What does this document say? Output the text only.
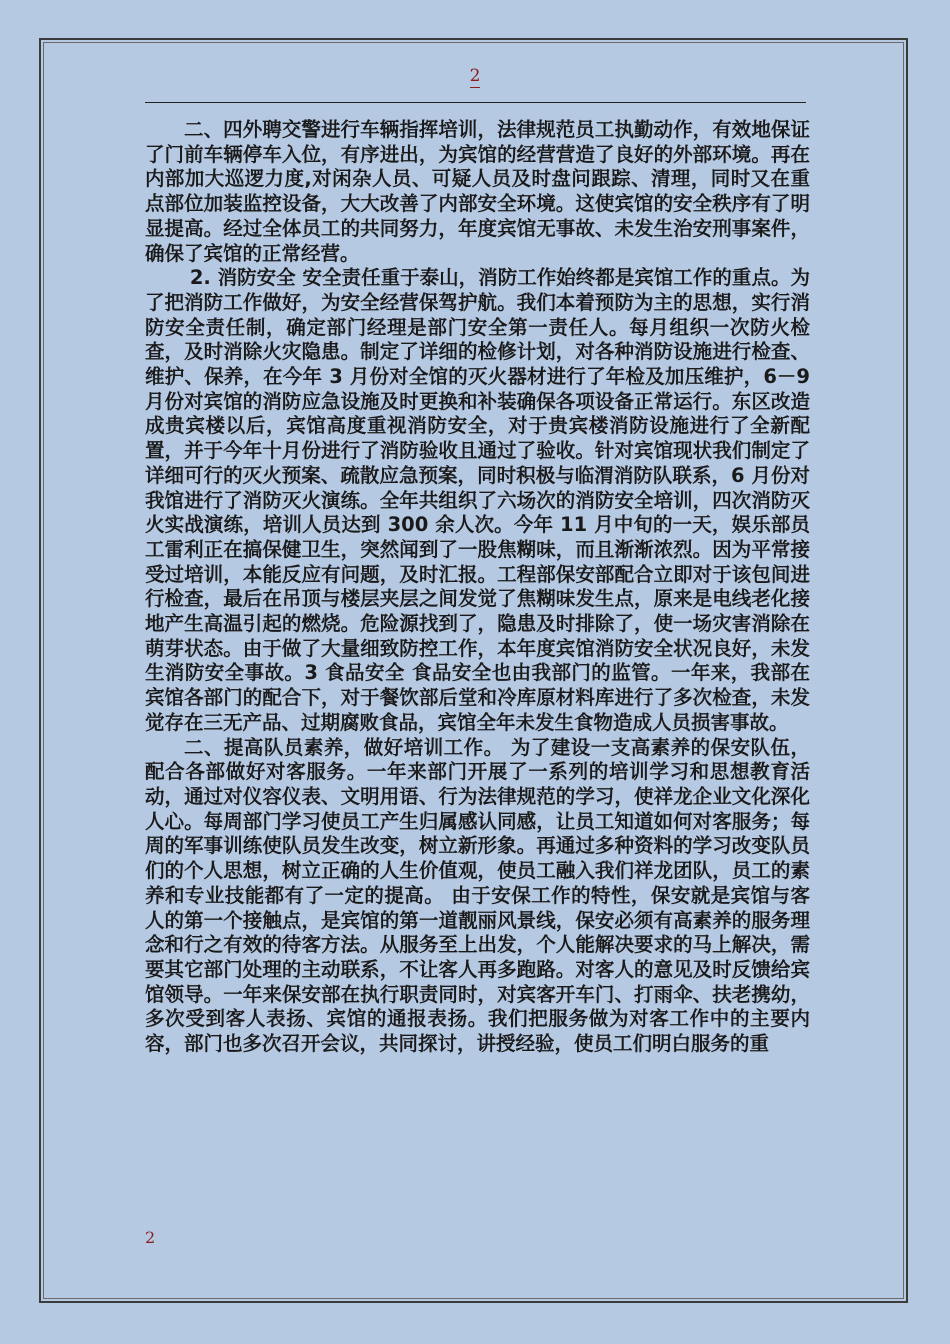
2

二、四外聘交警进行车辆指挥培训，法律规范员工执勤动作，有效地保证了门前车辆停车入位，有序进出，为宾馆的经营营造了良好的外部环境。再在内部加大巡逻力度,对闲杂人员、可疑人员及时盘问跟踪、清理，同时又在重点部位加装监控设备，大大改善了内部安全环境。这使宾馆的安全秩序有了明显提高。经过全体员工的共同努力，年度宾馆无事故、未发生治安刑事案件，确保了宾馆的正常经营。

2. 消防安全 安全责任重于泰山，消防工作始终都是宾馆工作的重点。为了把消防工作做好，为安全经营保驾护航。我们本着预防为主的思想，实行消防安全责任制，确定部门经理是部门安全第一责任人。每月组织一次防火检查，及时消除火灾隐患。制定了详细的检修计划，对各种消防设施进行检查、维护、保养，在今年 3 月份对全馆的灭火器材进行了年检及加压维护，6－9 月份对宾馆的消防应急设施及时更换和补装确保各项设备正常运行。东区改造成贵宾楼以后，宾馆高度重视消防安全，对于贵宾楼消防设施进行了全新配置，并于今年十月份进行了消防验收且通过了验收。针对宾馆现状我们制定了详细可行的灭火预案、疏散应急预案，同时积极与临渭消防队联系，6 月份对我馆进行了消防灭火演练。全年共组织了六场次的消防安全培训，四次消防灭火实战演练，培训人员达到 300 余人次。今年 11 月中旬的一天，娱乐部员工雷利正在搞保健卫生，突然闻到了一股焦糊味，而且渐渐浓烈。因为平常接受过培训，本能反应有问题，及时汇报。工程部保安部配合立即对于该包间进行检查，最后在吊顶与楼层夹层之间发觉了焦糊味发生点，原来是电线老化接地产生高温引起的燃烧。危险源找到了，隐患及时排除了，使一场灾害消除在萌芽状态。由于做了大量细致防控工作，本年度宾馆消防安全状况良好，未发生消防安全事故。3 食品安全 食品安全也由我部门的监管。一年来，我部在宾馆各部门的配合下，对于餐饮部后堂和冷库原材料库进行了多次检查，未发觉存在三无产品、过期腐败食品，宾馆全年未发生食物造成人员损害事故。

二、提高队员素养，做好培训工作。 为了建设一支高素养的保安队伍，配合各部做好对客服务。一年来部门开展了一系列的培训学习和思想教育活动，通过对仪容仪表、文明用语、行为法律规范的学习，使祥龙企业文化深化人心。每周部门学习使员工产生归属感认同感，让员工知道如何对客服务；每周的军事训练使队员发生改变，树立新形象。再通过多种资料的学习改变队员们的个人思想，树立正确的人生价值观，使员工融入我们祥龙团队，员工的素养和专业技能都有了一定的提高。 由于安保工作的特性，保安就是宾馆与客人的第一个接触点，是宾馆的第一道靓丽风景线，保安必须有高素养的服务理念和行之有效的待客方法。从服务至上出发，个人能解决要求的马上解决，需要其它部门处理的主动联系，不让客人再多跑路。对客人的意见及时反馈给宾馆领导。一年来保安部在执行职责同时，对宾客开车门、打雨伞、扶老携幼，多次受到客人表扬、宾馆的通报表扬。我们把服务做为对客工作中的主要内容，部门也多次召开会议，共同探讨，讲授经验，使员工们明白服务的重

2
